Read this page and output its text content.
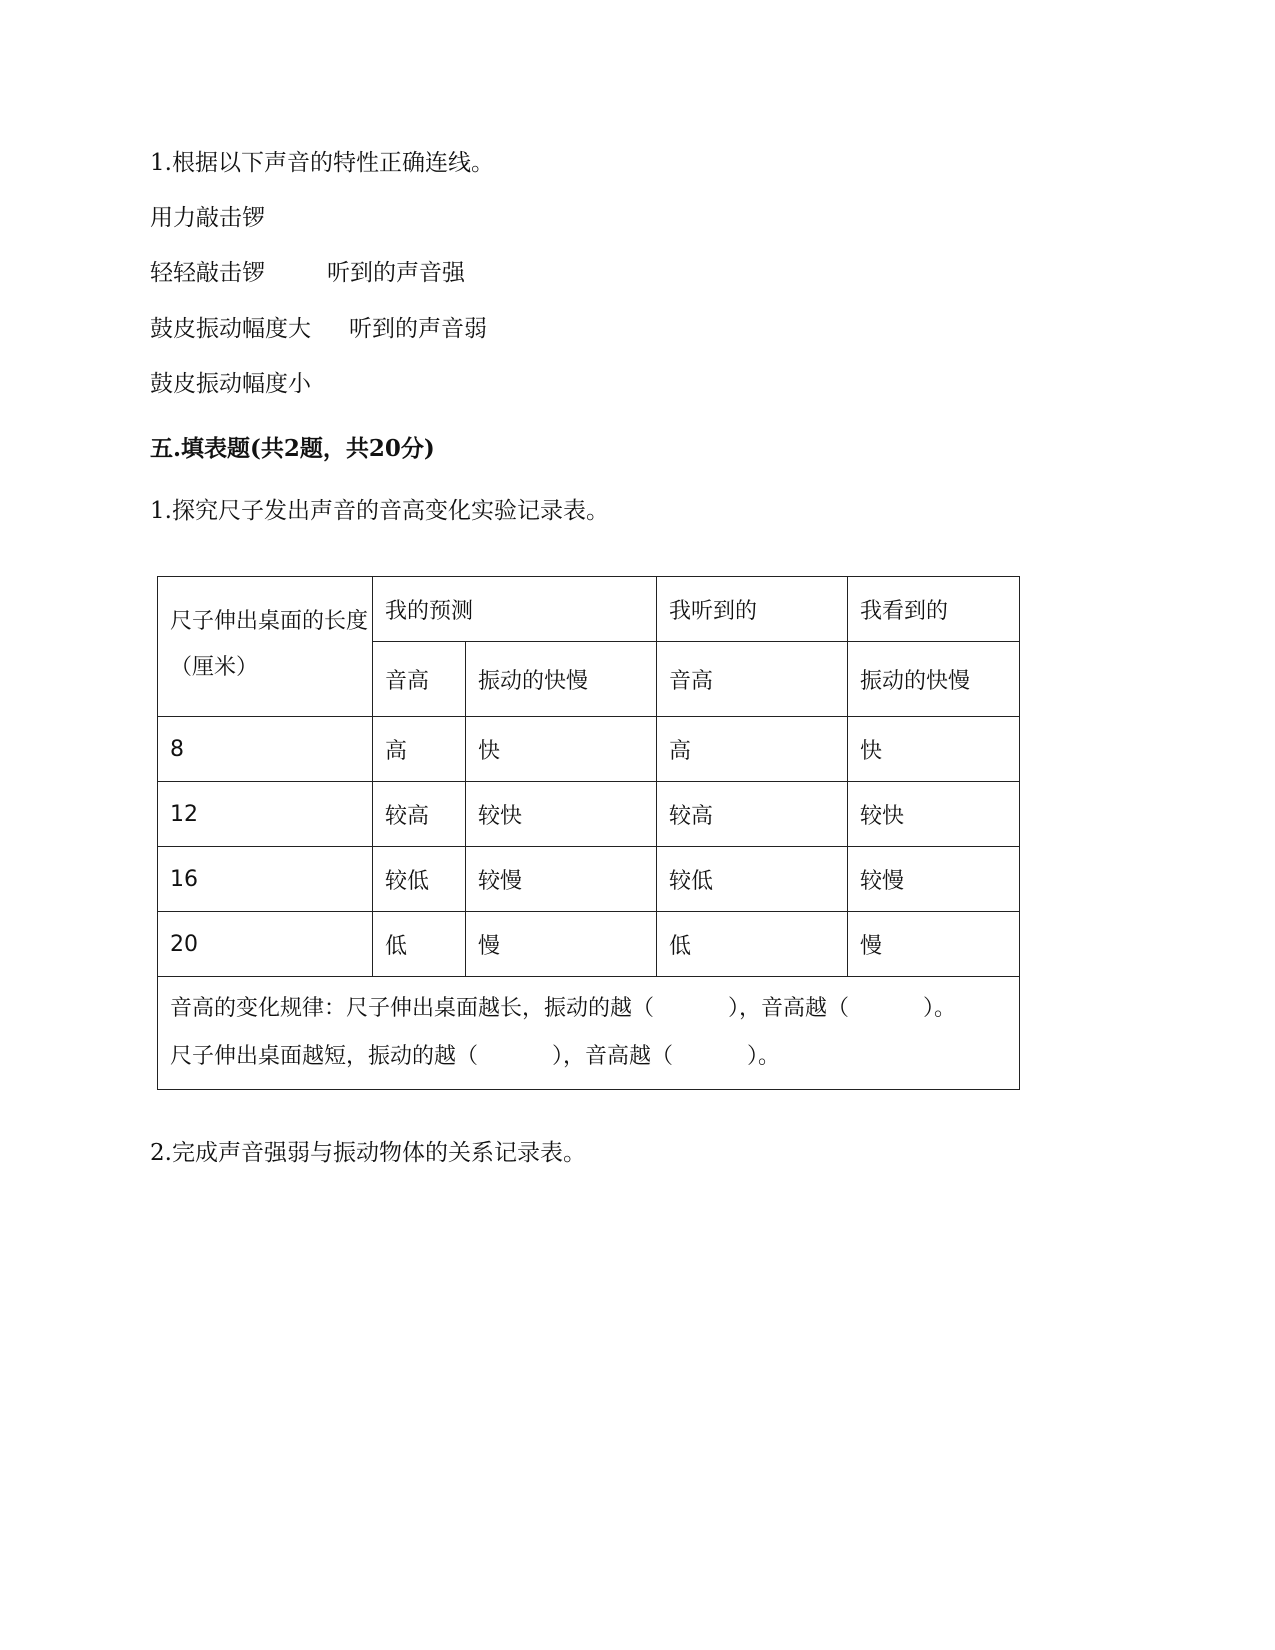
1.根据以下声音的特性正确连线。
用力敲击锣
轻轻敲击锣	听到的声音强
鼓皮振动幅度大 听到的声音弱
鼓皮振动幅度小
五.填表题(共2题，共20分)
1.探究尺子发出声音的音高变化实验记录表。
尺子伸出桌面的长度（厘米）	我的预测		我听到的	我看到的
	音高	振动的快慢	音高	振动的快慢
8	高	快	高	快
12	较高	较快	较高	较快
16	较低	较慢	较低	较慢
20	低	慢	低	慢

音高的变化规律：尺子伸出桌面越长，振动的越（ ），音高越（ ）。
尺子伸出桌面越短，振动的越（ ），音高越（ ）。				
2.完成声音强弱与振动物体的关系记录表。
